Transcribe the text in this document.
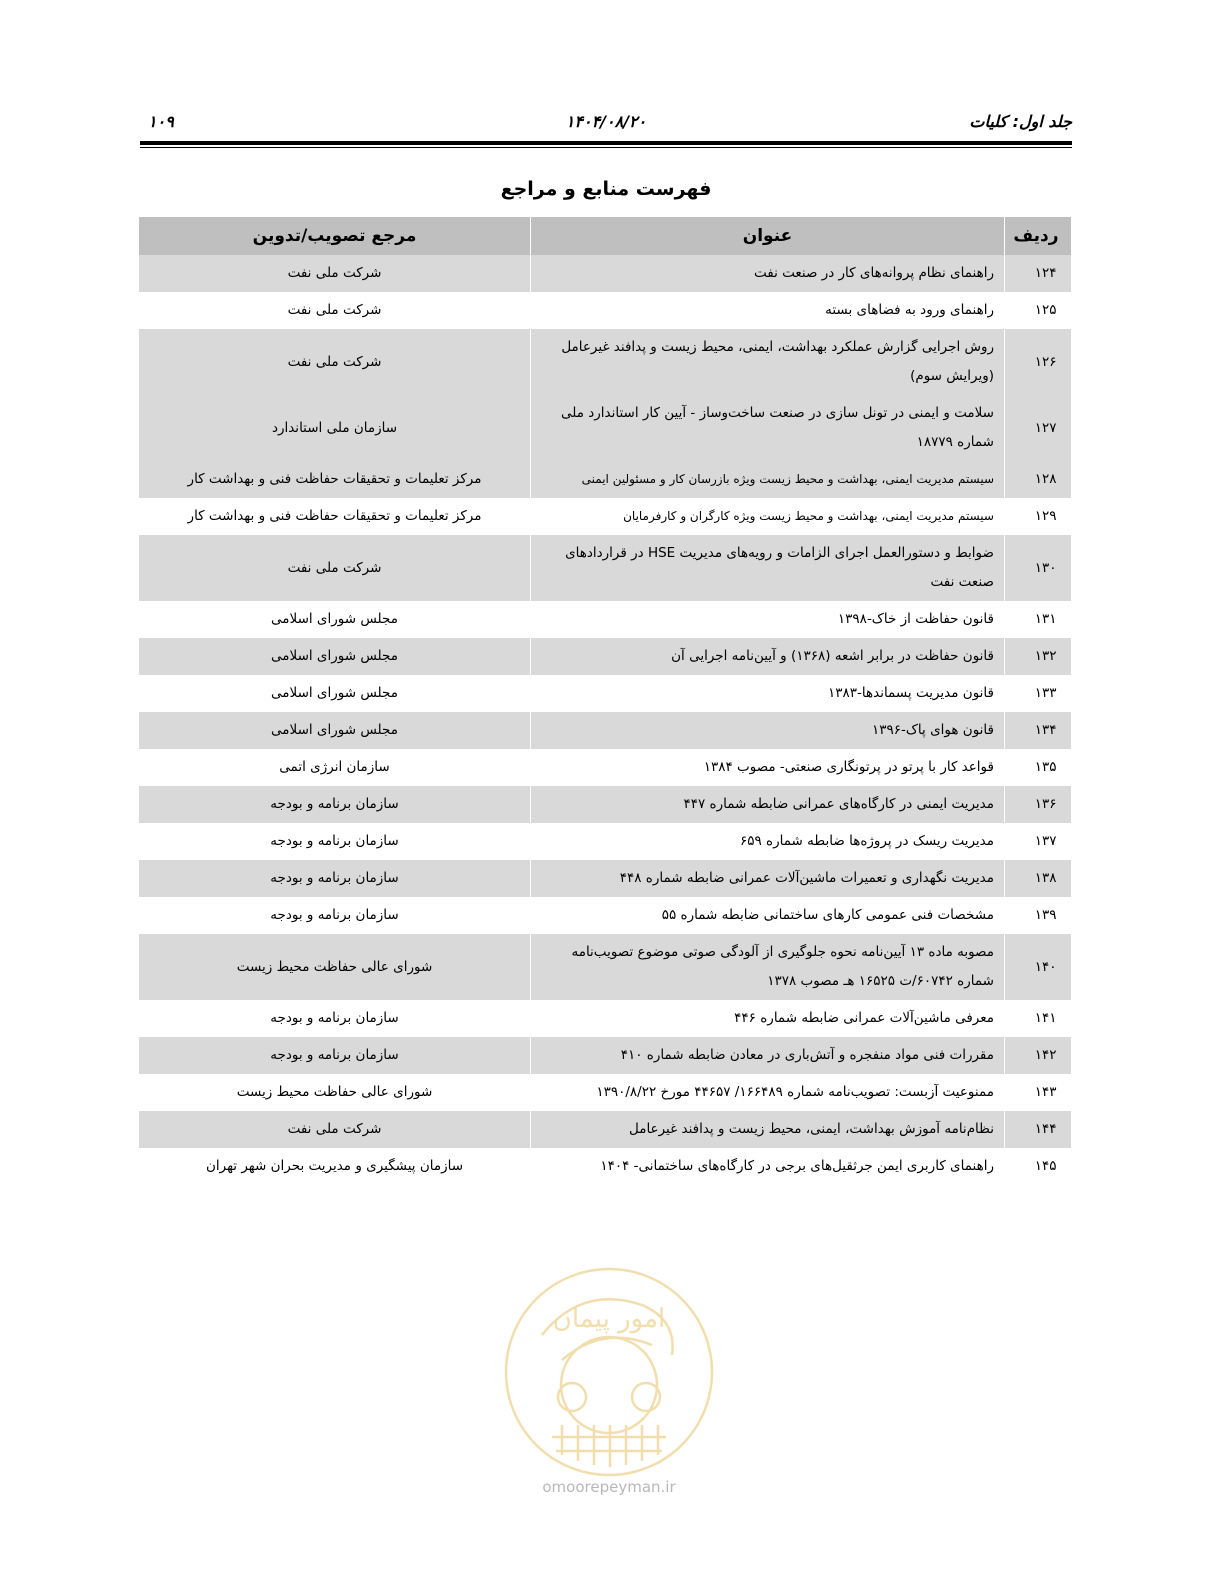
جلد اول: کلیات
۱۴۰۴/۰۸/۲۰
۱۰۹
فهرست منابع و مراجع
ردیف	عنوان	مرجع تصویب/تدوین
۱۲۴	راهنمای نظام پروانه‌های کار در صنعت نفت	شرکت ملی نفت
۱۲۵	راهنمای ورود به فضاهای بسته	شرکت ملی نفت
۱۲۶	روش اجرایی گزارش عملکرد بهداشت، ایمنی، محیط زیست و پدافند غیرعامل (ویرایش سوم)	شرکت ملی نفت
۱۲۷	سلامت و ایمنی در تونل سازی در صنعت ساخت‌وساز - آیین کار استاندارد ملی شماره ۱۸۷۷۹	سازمان ملی استاندارد
۱۲۸	سیستم مدیریت ایمنی، بهداشت و محیط زیست ویژه بازرسان کار و مسئولین ایمنی	مرکز تعلیمات و تحقیقات حفاظت فنی و بهداشت کار
۱۲۹	سیستم مدیریت ایمنی، بهداشت و محیط زیست ویژه کارگران و کارفرمایان	مرکز تعلیمات و تحقیقات حفاظت فنی و بهداشت کار
۱۳۰	ضوابط و دستورالعمل اجرای الزامات و رویه‌های مدیریت HSE در قراردادهای صنعت نفت	شرکت ملی نفت
۱۳۱	قانون حفاظت از خاک-۱۳۹۸	مجلس شورای اسلامی
۱۳۲	قانون حفاظت در برابر اشعه (۱۳۶۸) و آیین‌نامه اجرایی آن	مجلس شورای اسلامی
۱۳۳	قانون مدیریت پسماندها-۱۳۸۳	مجلس شورای اسلامی
۱۳۴	قانون هوای پاک-۱۳۹۶	مجلس شورای اسلامی
۱۳۵	قواعد کار با پرتو در پرتونگاری صنعتی- مصوب ۱۳۸۴	سازمان انرژی اتمی
۱۳۶	مدیریت ایمنی در کارگاه‌های عمرانی ضابطه شماره ۴۴۷	سازمان برنامه و بودجه
۱۳۷	مدیریت ریسک در پروژه‌ها ضابطه شماره ۶۵۹	سازمان برنامه و بودجه
۱۳۸	مدیریت نگهداری و تعمیرات ماشین‌آلات عمرانی ضابطه شماره ۴۴۸	سازمان برنامه و بودجه
۱۳۹	مشخصات فنی عمومی کارهای ساختمانی ضابطه شماره ۵۵	سازمان برنامه و بودجه
۱۴۰	مصوبه ماده ۱۳ آیین‌نامه نحوه جلوگیری از آلودگی صوتی موضوع تصویب‌نامه شماره ۶۰۷۴۲/ت ۱۶۵۲۵ هـ مصوب ۱۳۷۸	شورای عالی حفاظت محیط زیست
۱۴۱	معرفی ماشین‌آلات عمرانی ضابطه شماره ۴۴۶	سازمان برنامه و بودجه
۱۴۲	مقررات فنی مواد منفجره و آتش‌باری در معادن ضابطه شماره ۴۱۰	سازمان برنامه و بودجه
۱۴۳	ممنوعیت آزبست: تصویب‌نامه شماره ۱۶۶۴۸۹/ ۴۴۶۵۷ مورخ ۱۳۹۰/۸/۲۲	شورای عالی حفاظت محیط زیست
۱۴۴	نظام‌نامه آموزش بهداشت، ایمنی، محیط زیست و پدافند غیرعامل	شرکت ملی نفت
۱۴۵	راهنمای کاربری ایمن جرثقیل‌های برجی در کارگاه‌های ساختمانی- ۱۴۰۴	سازمان پیشگیری و مدیریت بحران شهر تهران
امور پیمان
omoorepeyman.ir
